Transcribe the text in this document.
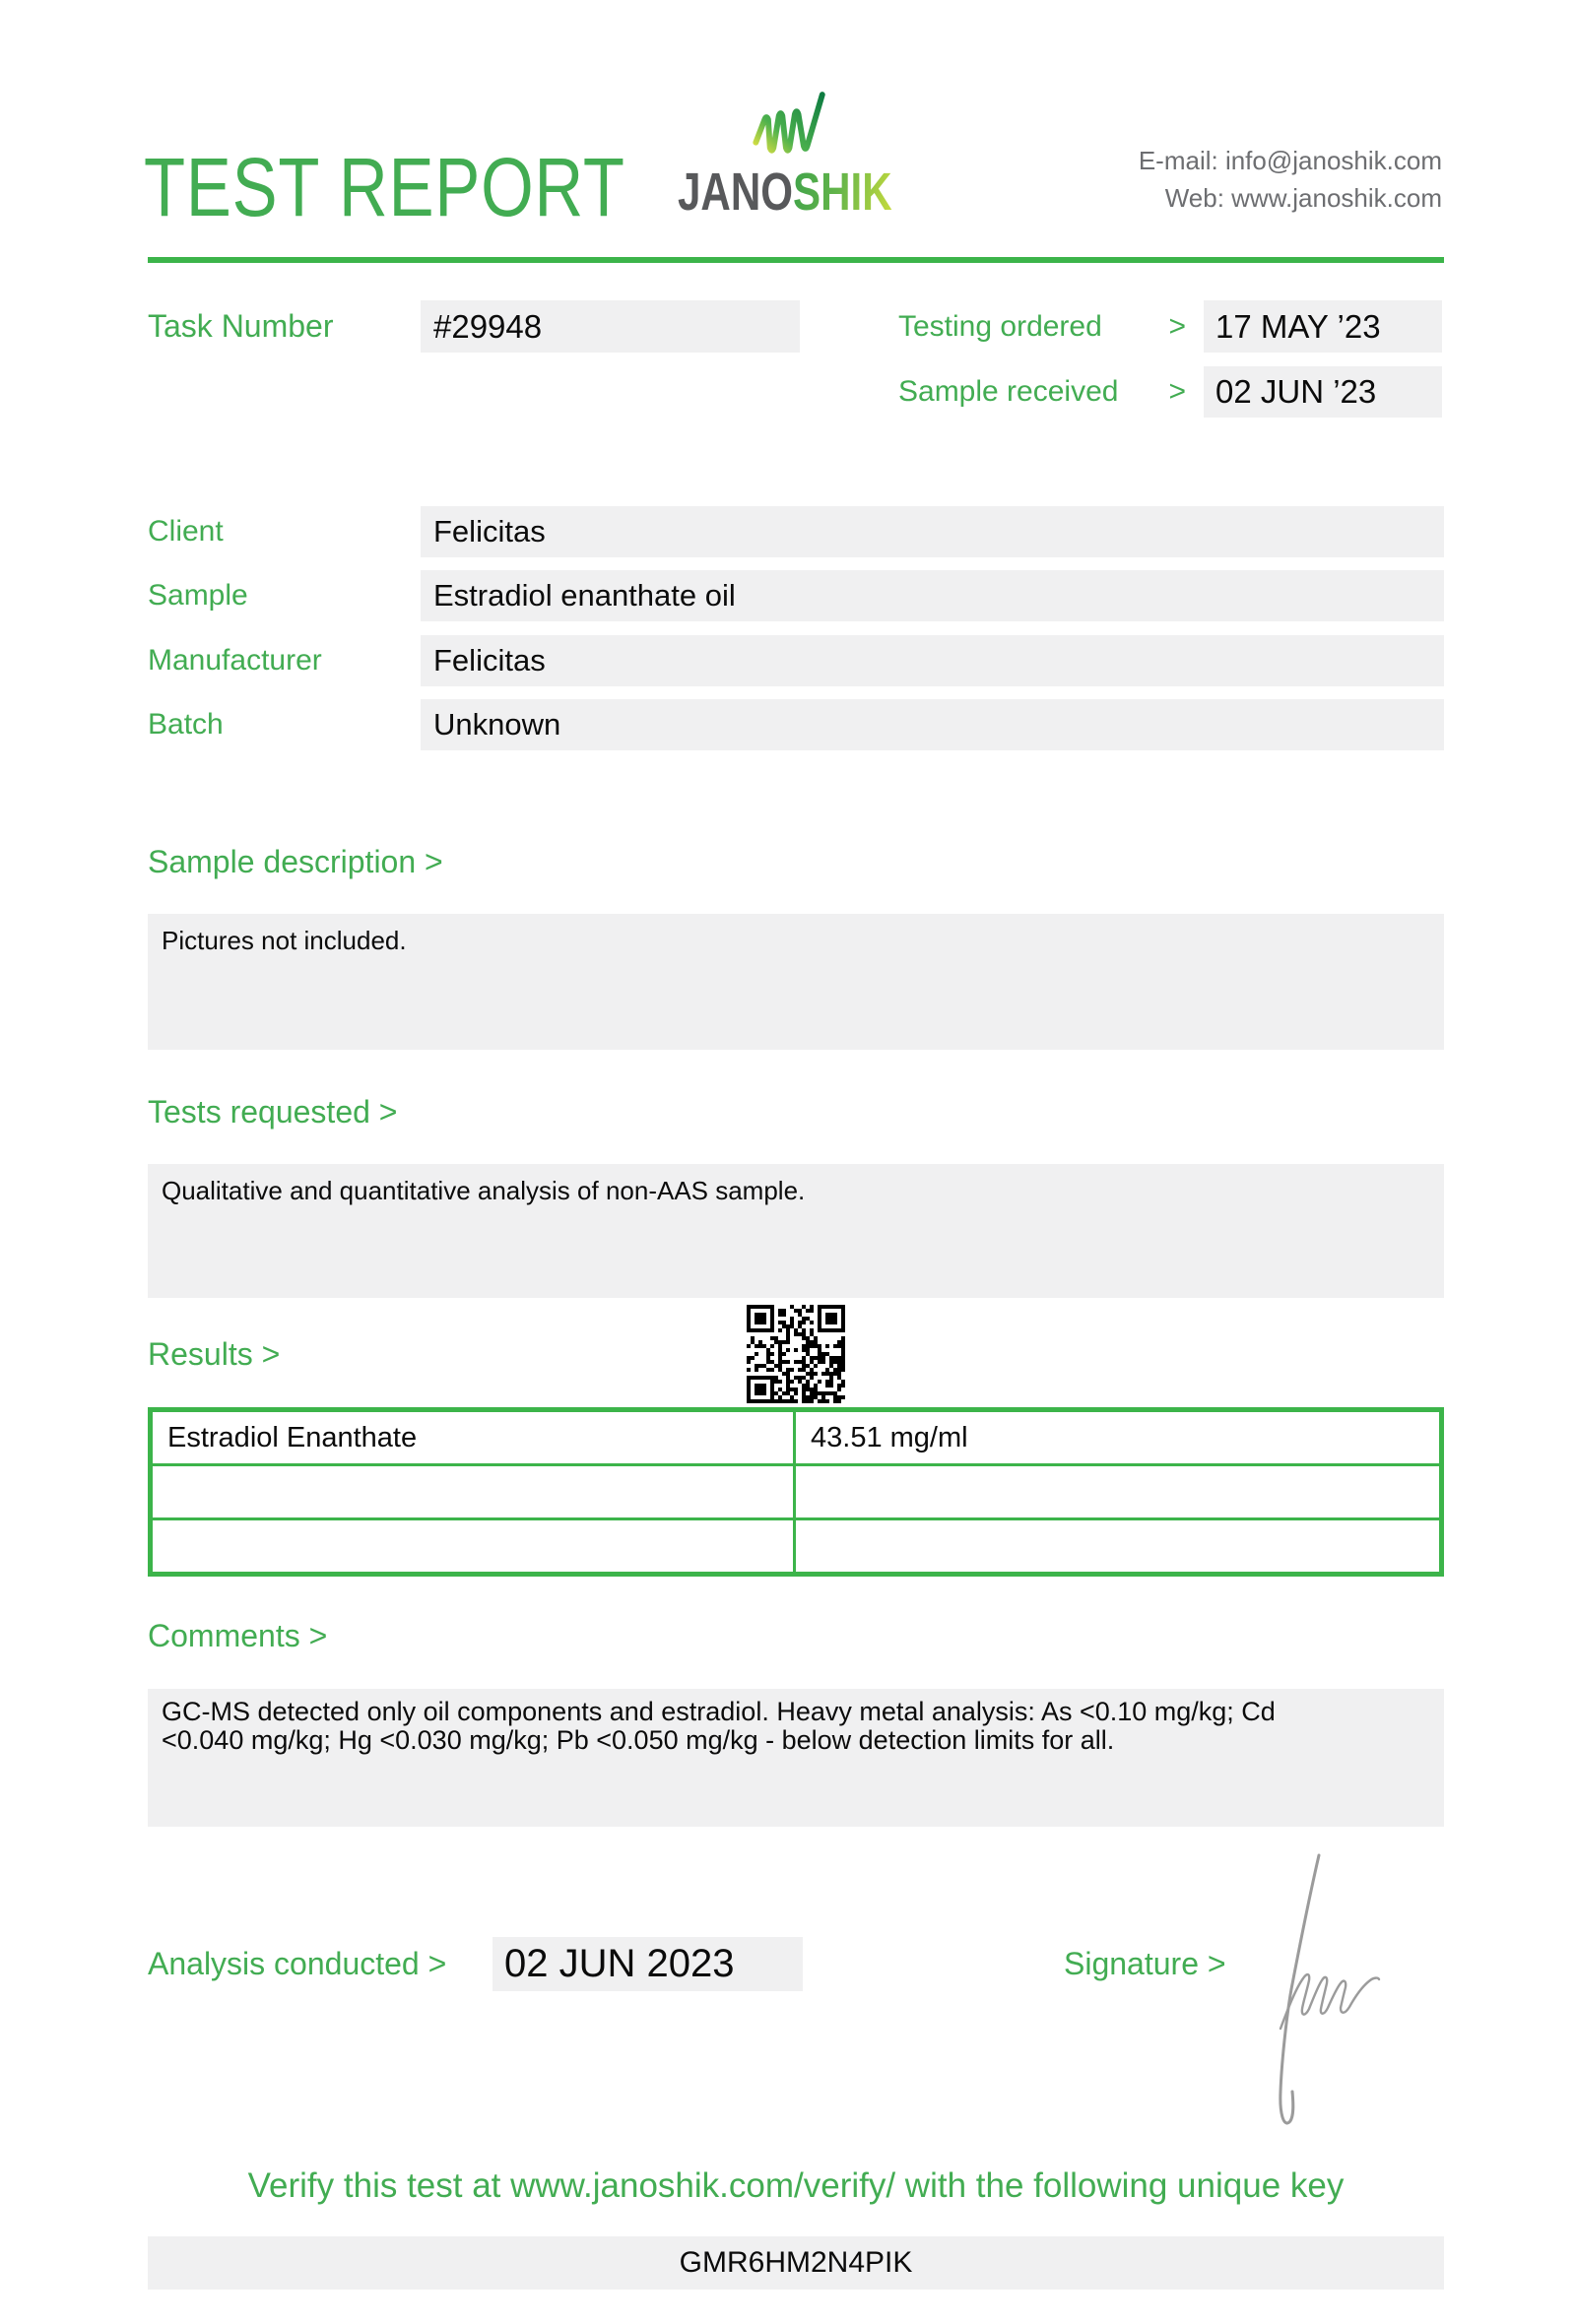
TEST REPORT JANOSHIK
E-mail: info@janoshik.com
Web: www.janoshik.com
Task Number	#29948	Testing ordered > 17 MAY ’23
Sample received > 02 JUN ’23
Client	Felicitas
Sample	Estradiol enanthate oil
Manufacturer	Felicitas
Batch	Unknown
Sample description >
Pictures not included.
Tests requested >
Qualitative and quantitative analysis of non-AAS sample.
Results >
Estradiol Enanthate	43.51 mg/ml
Comments >
GC-MS detected only oil components and estradiol. Heavy metal analysis: As <0.10 mg/kg; Cd <0.040 mg/kg; Hg <0.030 mg/kg; Pb <0.050 mg/kg - below detection limits for all.
Analysis conducted >	02 JUN 2023	Signature >
Verify this test at www.janoshik.com/verify/ with the following unique key
GMR6HM2N4PIK
